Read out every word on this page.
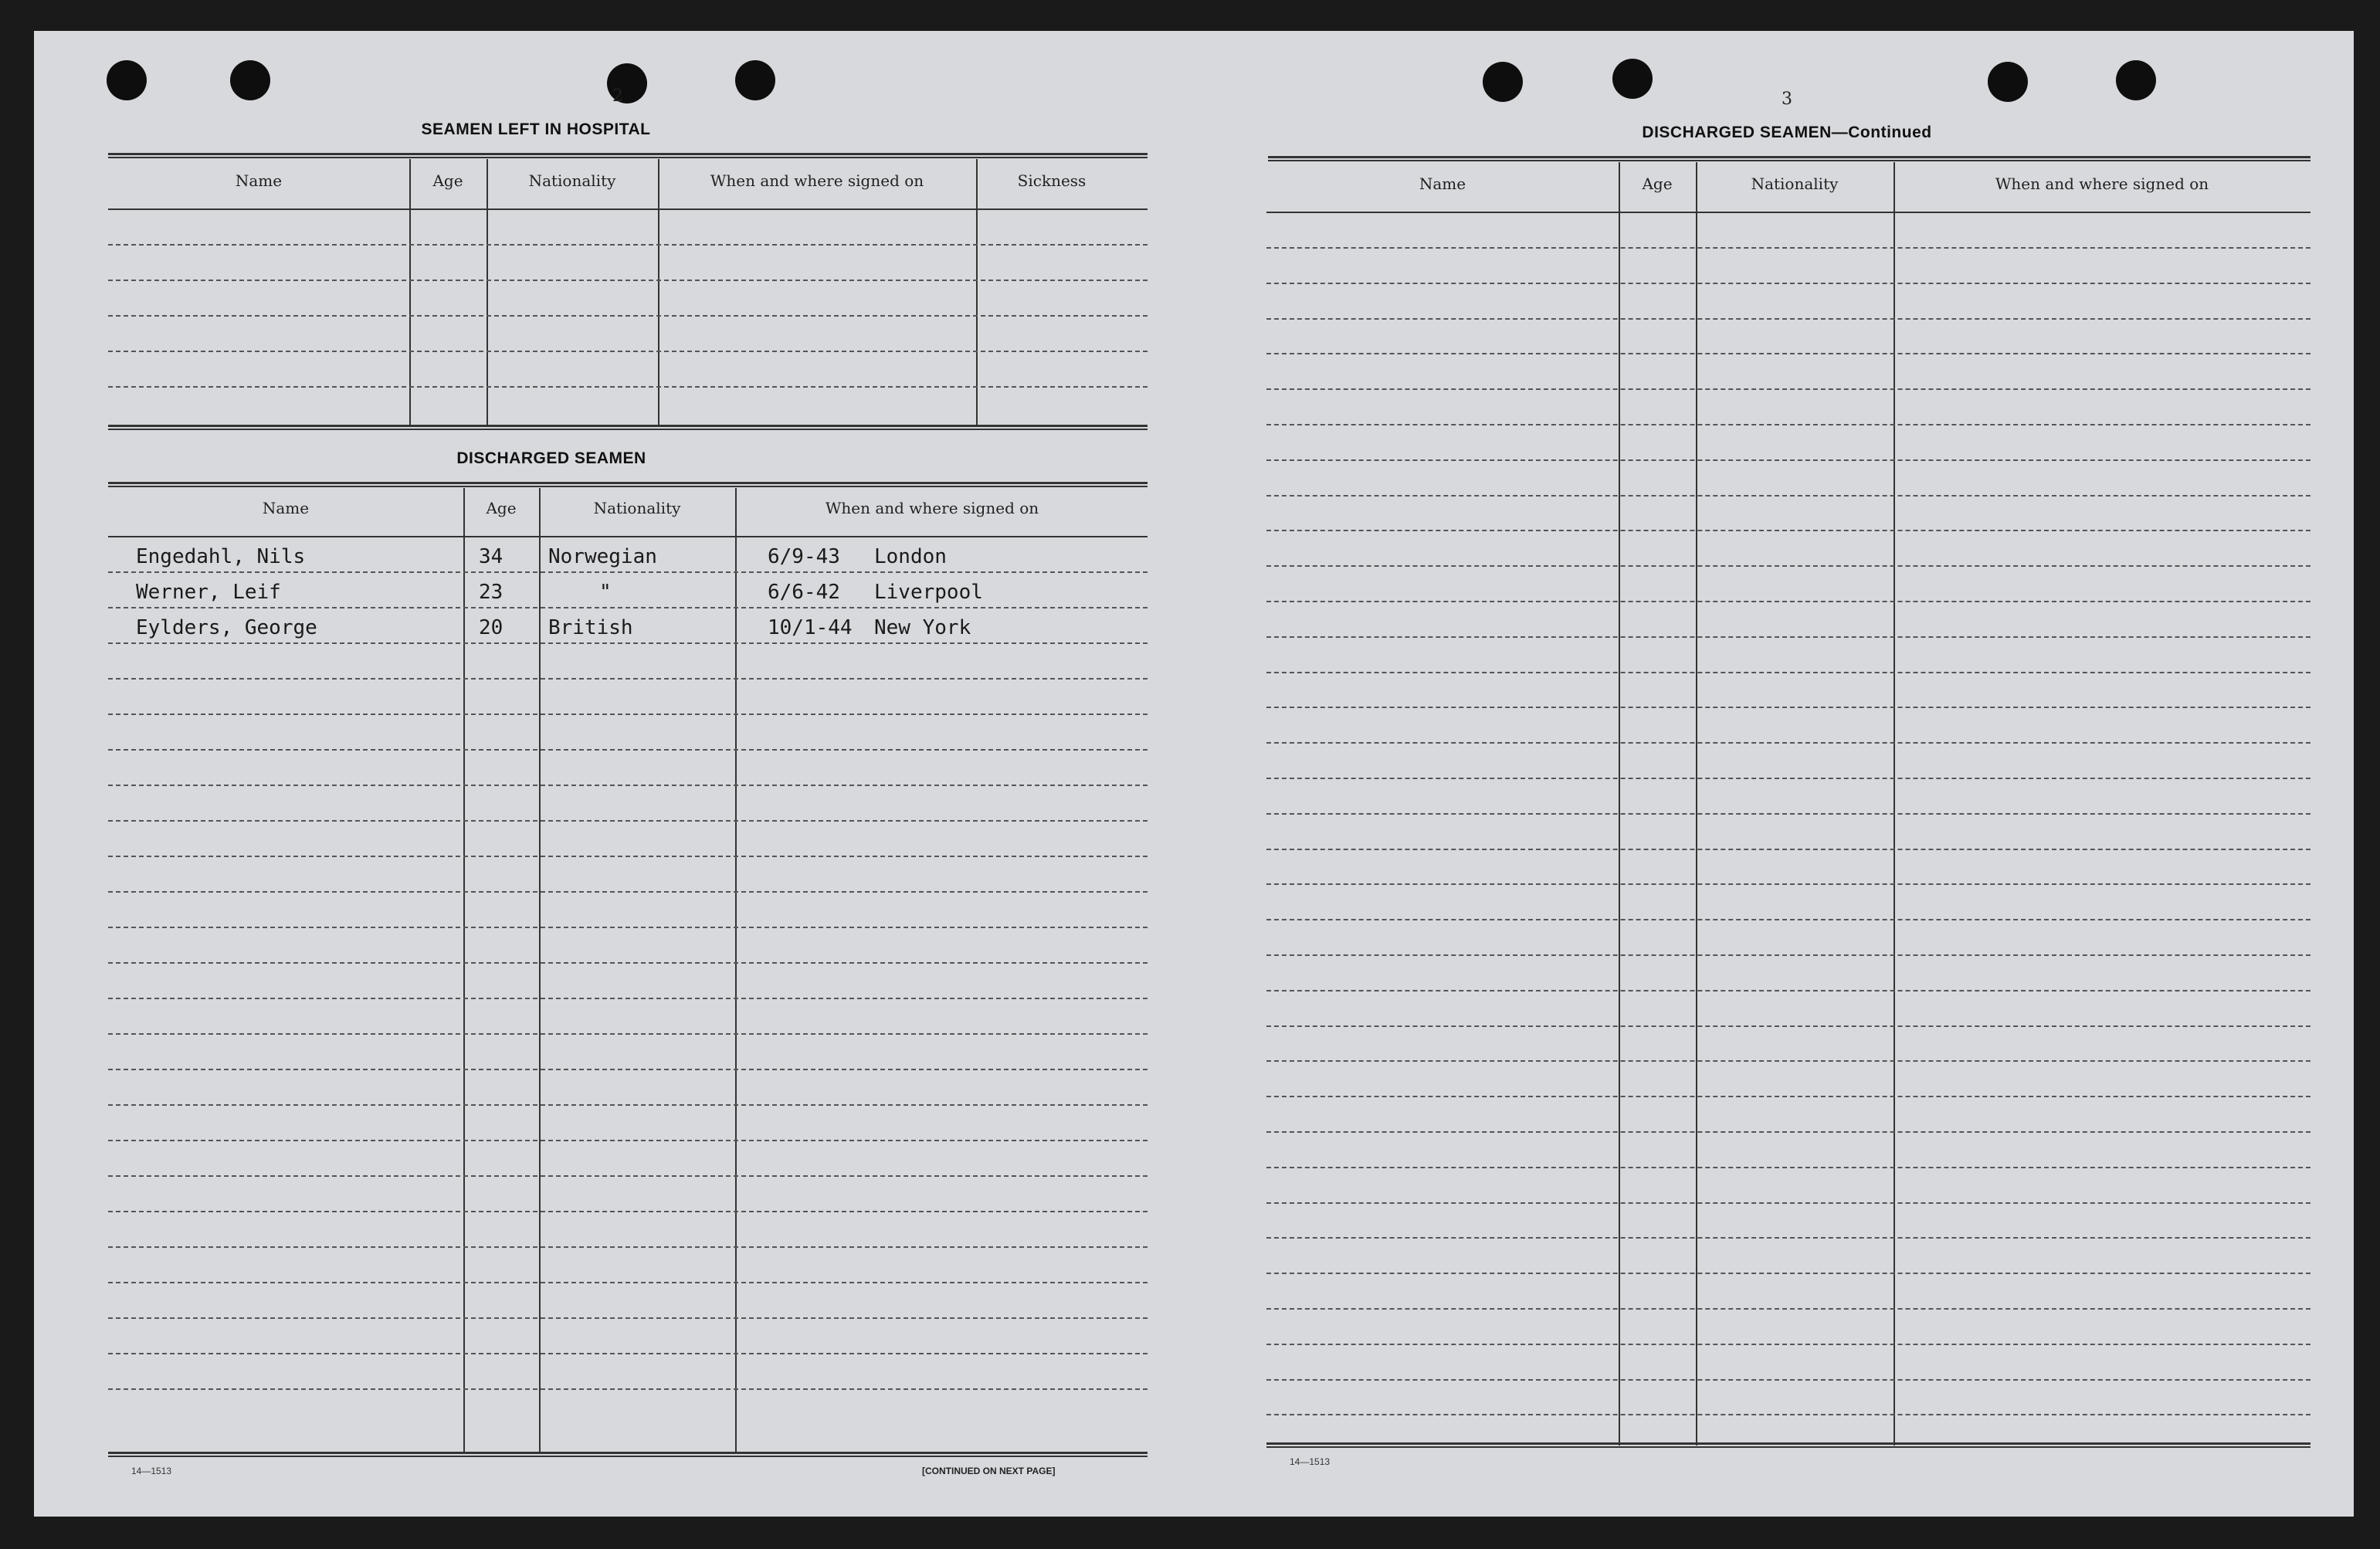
2
SEAMEN LEFT IN HOSPITAL
Name	Age	Nationality	When and where signed on	Sickness
DISCHARGED SEAMEN
Name	Age	Nationality	When and where signed on
Engedahl, Nils	34 Norwegian	6/9-43 London
Werner, Leif	23	"	6/6-42 Liverpool
Eylders, George	20 British	10/1-44 New York
14—1513	[CONTINUED ON NEXT PAGE]
3
DISCHARGED SEAMEN—Continued
Name	Age	Nationality	When and where signed on
14—1513
